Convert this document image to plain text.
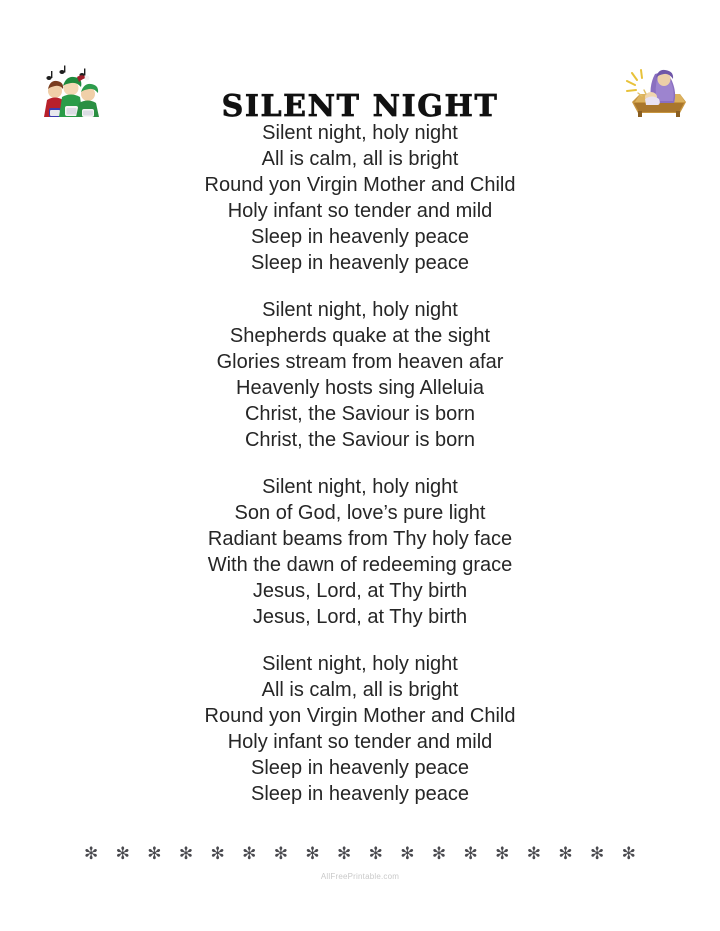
SILENT NIGHT
Silent night, holy night
All is calm, all is bright
Round yon Virgin Mother and Child
Holy infant so tender and mild
Sleep in heavenly peace
Sleep in heavenly peace
Silent night, holy night
Shepherds quake at the sight
Glories stream from heaven afar
Heavenly hosts sing Alleluia
Christ, the Saviour is born
Christ, the Saviour is born
Silent night, holy night
Son of God, love’s pure light
Radiant beams from Thy holy face
With the dawn of redeeming grace
Jesus, Lord, at Thy birth
Jesus, Lord, at Thy birth
Silent night, holy night
All is calm, all is bright
Round yon Virgin Mother and Child
Holy infant so tender and mild
Sleep in heavenly peace
Sleep in heavenly peace
✻ ✻ ✻ ✻ ✻ ✻ ✻ ✻ ✻ ✻ ✻ ✻ ✻ ✻ ✻ ✻ ✻ ✻
AllFreePrintable.com
